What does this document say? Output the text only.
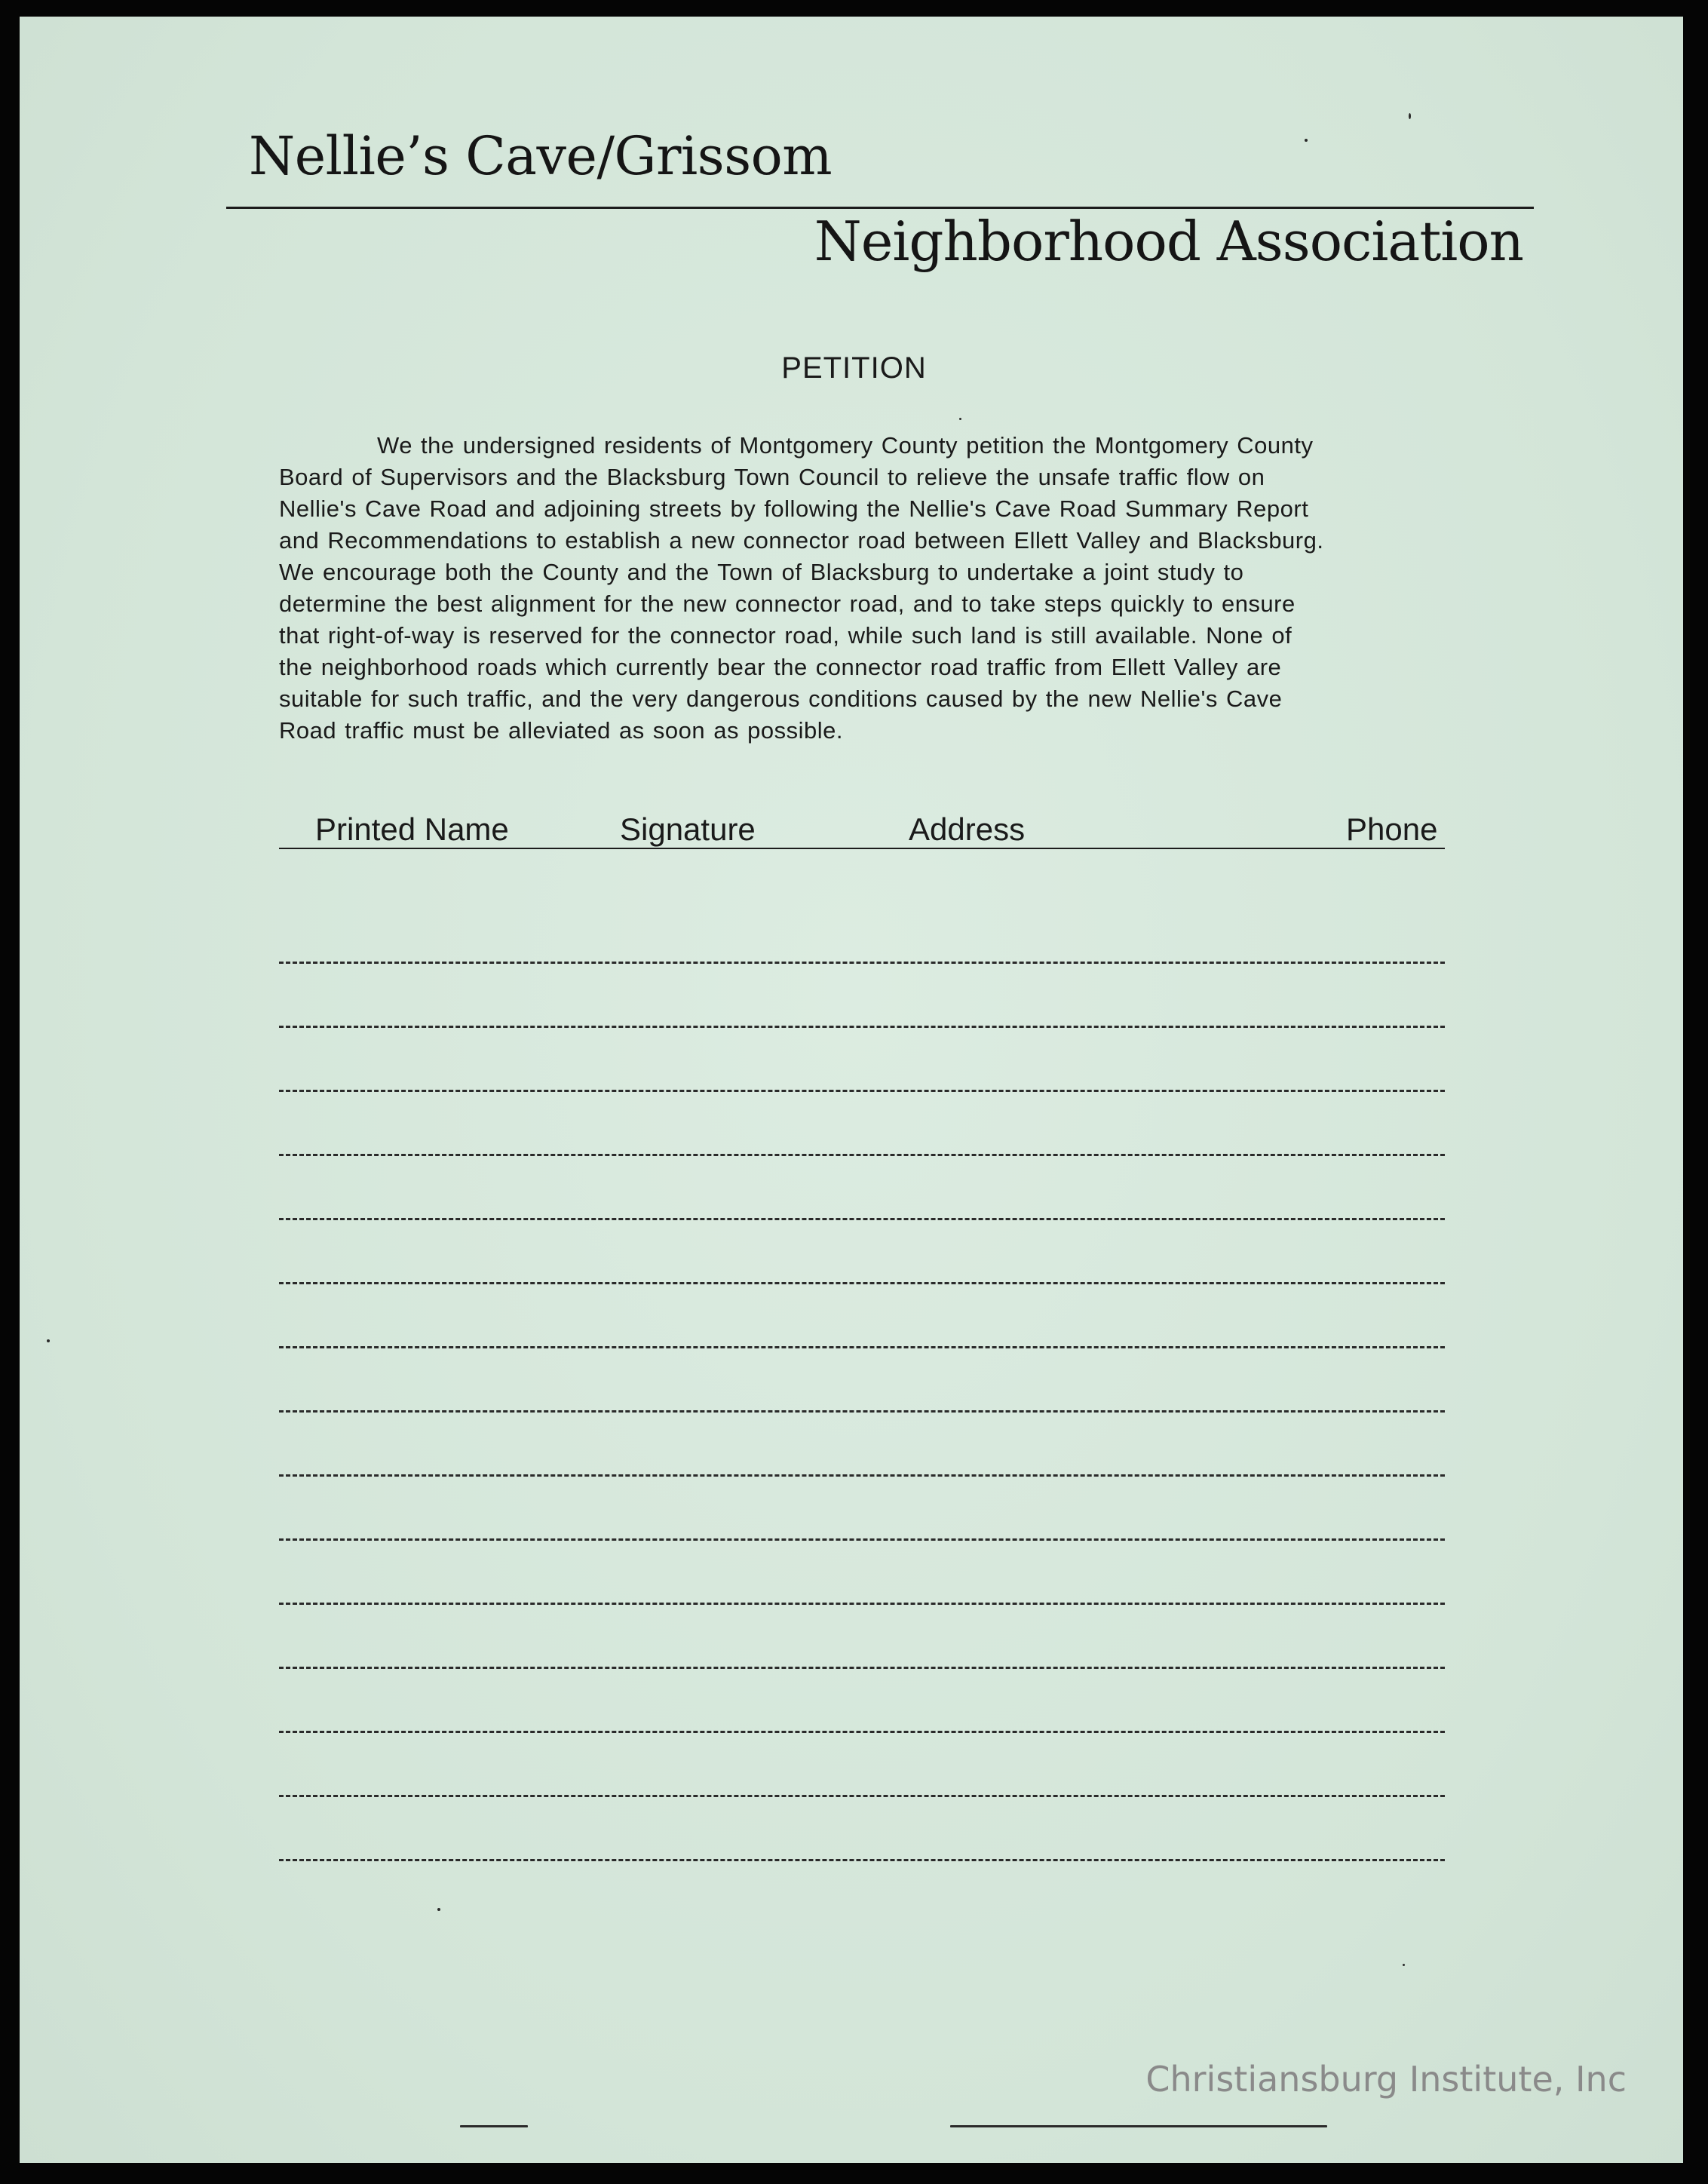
Nellie’s Cave/Grissom
Neighborhood Association
PETITION
We the undersigned residents of Montgomery County petition the Montgomery County
Board of Supervisors and the Blacksburg Town Council to relieve the unsafe traffic flow on
Nellie's Cave Road and adjoining streets by following the Nellie's Cave Road Summary Report
and Recommendations to establish a new connector road between Ellett Valley and Blacksburg.
We encourage both the County and the Town of Blacksburg to undertake a joint study to
determine the best alignment for the new connector road, and to take steps quickly to ensure
that right-of-way is reserved for the connector road, while such land is still available. None of
the neighborhood roads which currently bear the connector road traffic from Ellett Valley are
suitable for such traffic, and the very dangerous conditions caused by the new Nellie's Cave
Road traffic must be alleviated as soon as possible.
Printed Name	Signature	Address	Phone
Christiansburg Institute, Inc
